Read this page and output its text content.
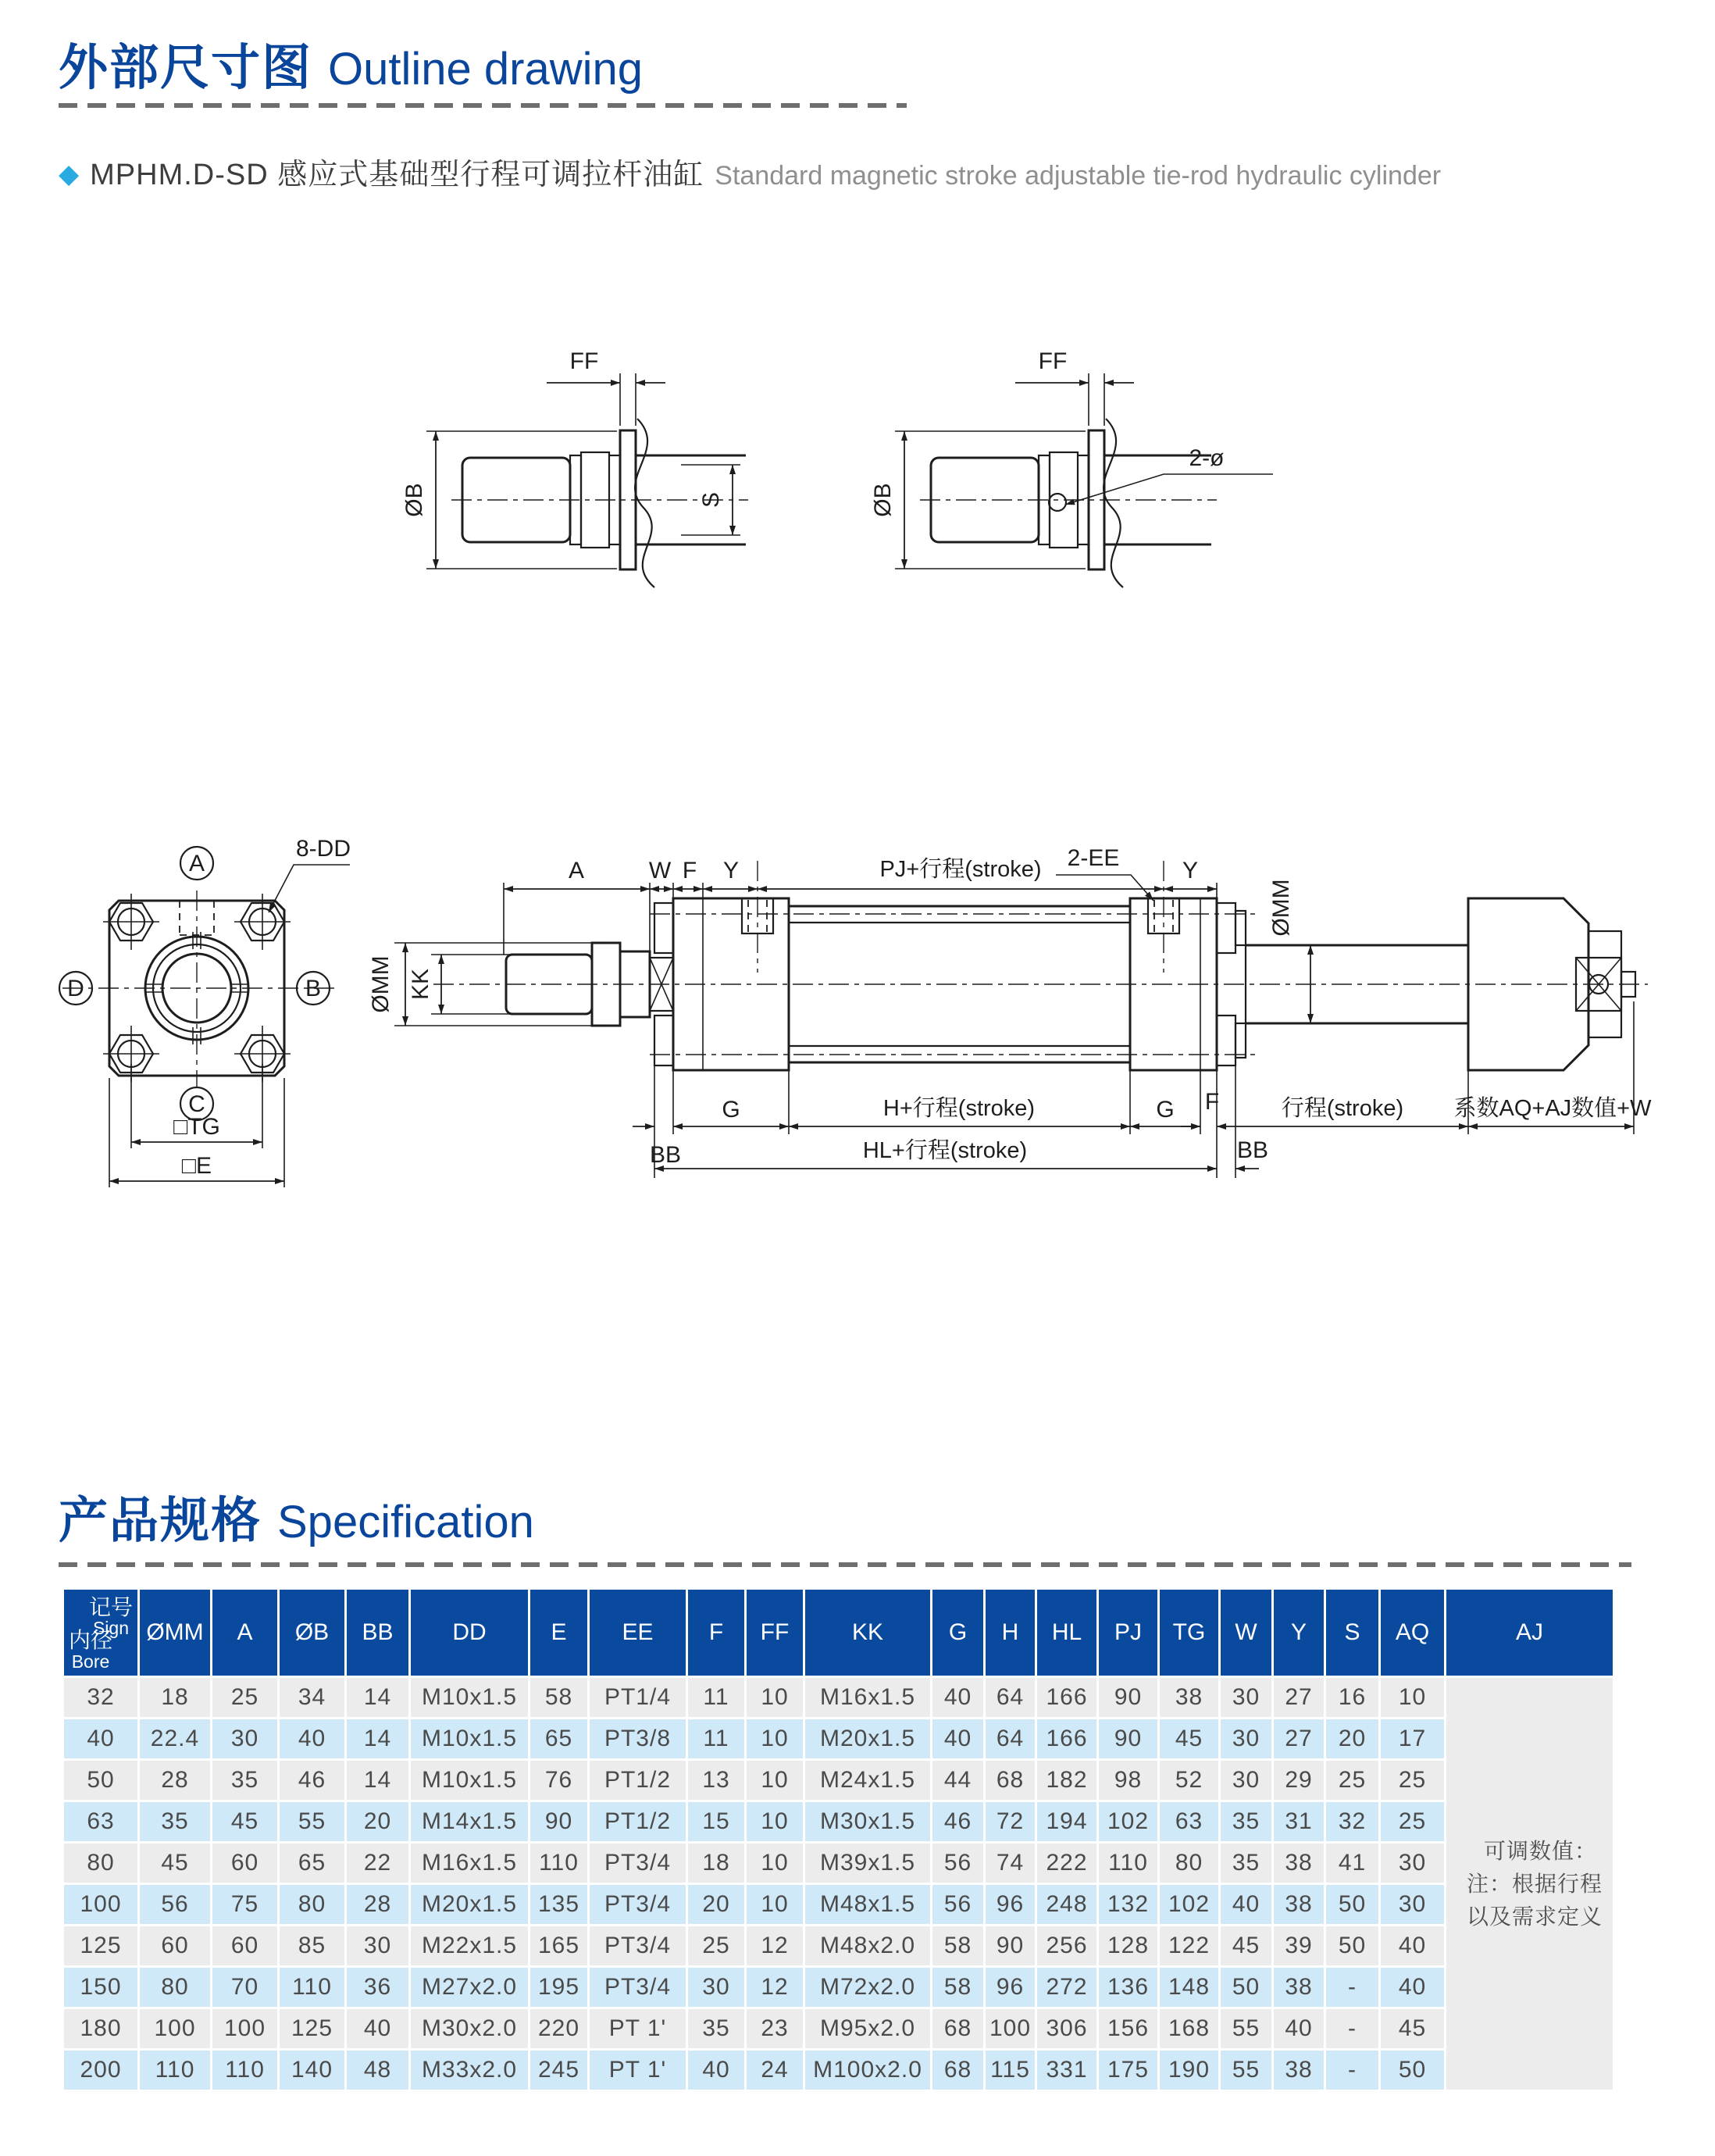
外部尺寸图 Outline drawing
◆ MPHM.D-SD 感应式基础型行程可调拉杆油缸 Standard magnetic stroke adjustable tie-rod hydraulic cylinder
ØB
FF
S	ØB
FF
2-ø
A
B
C
D
8-DD
□TG
□E
ØMM KK
ØMM
A	W F Y	PJ+行程(stroke)	Y
2-EE
BB
G	H+行程(stroke)	G F	行程(stroke) 系数AQ+AJ数值+W
HL+行程(stroke)	BB
产品规格 Specification
记号
Sign
内径
Bore	ØMM	A	ØB	BB	DD	E	EE	F	FF	KK	G	H	HL	PJ	TG	W	Y	S	AQ	AJ
32	18	25	34	14	M10x1.5	58	PT1/4	11	10	M16x1.5	40	64	166	90	38	30	27	16	10	可调数值：
注：根据行程
以及需求定义

40	22.4	30	40	14	M10x1.5	65	PT3/8	11	10	M20x1.5	40	64	166	90	45	30	27	20	17	
50	28	35	46	14	M10x1.5	76	PT1/2	13	10	M24x1.5	44	68	182	98	52	30	29	25	25	
63	35	45	55	20	M14x1.5	90	PT1/2	15	10	M30x1.5	46	72	194	102	63	35	31	32	25	
80	45	60	65	22	M16x1.5	110	PT3/4	18	10	M39x1.5	56	74	222	110	80	35	38	41	30	
100	56	75	80	28	M20x1.5	135	PT3/4	20	10	M48x1.5	56	96	248	132	102	40	38	50	30	
125	60	60	85	30	M22x1.5	165	PT3/4	25	12	M48x2.0	58	90	256	128	122	45	39	50	40	
150	80	70	110	36	M27x2.0	195	PT3/4	30	12	M72x2.0	58	96	272	136	148	50	38	-	40	
180	100	100	125	40	M30x2.0	220	PT 1'	35	23	M95x2.0	68	100	306	156	168	55	40	-	45	
200	110	110	140	48	M33x2.0	245	PT 1'	40	24	M100x2.0	68	115	331	175	190	55	38	-	50	
